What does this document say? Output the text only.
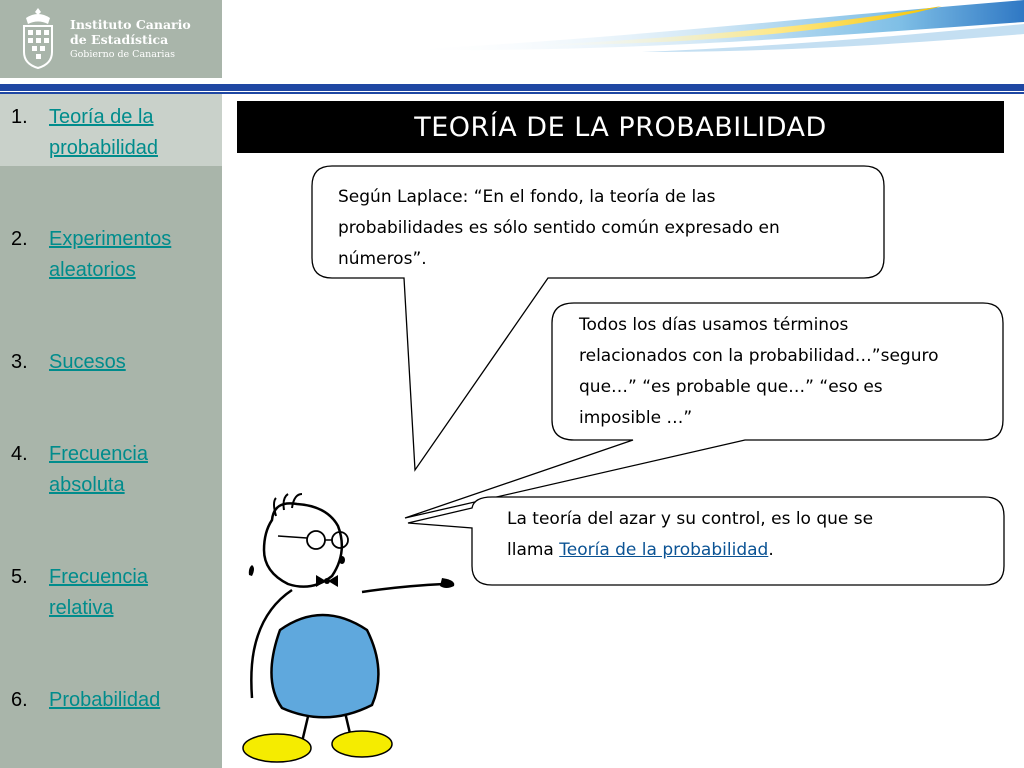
Instituto Canario
de Estadística
Gobierno de Canarias
1.	Teoría de la
probabilidad
2.	Experimentos
aleatorios
3.	Sucesos
4.	Frecuencia
absoluta
5.	Frecuencia
relativa
6.	Probabilidad
TEORÍA DE LA PROBABILIDAD
Según Laplace: “En el fondo, la teoría de las
probabilidades es sólo sentido común expresado en
números”.
Todos los días usamos términos
relacionados con la probabilidad…”seguro
que…” “es probable que…” “eso es
imposible …”
La teoría del azar y su control, es lo que se
llama Teoría de la probabilidad.
